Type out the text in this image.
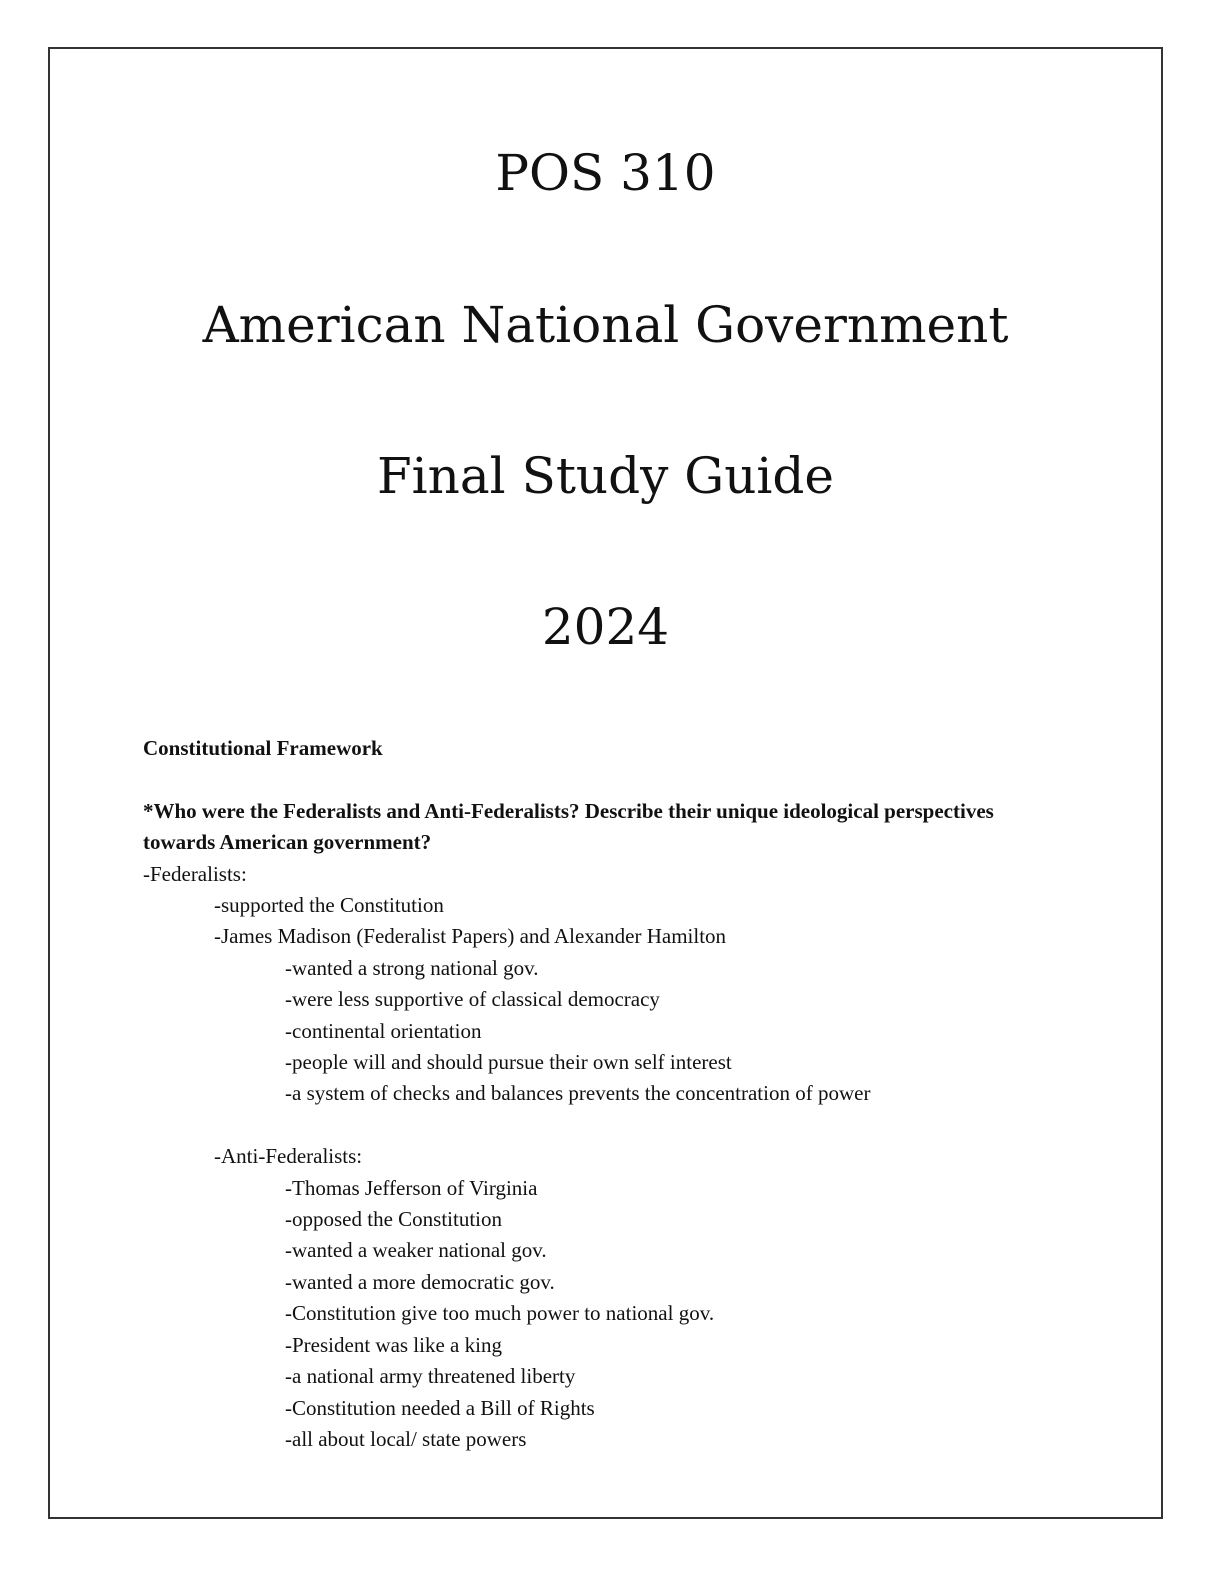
POS 310
American National Government
Final Study Guide
2024
Constitutional Framework
*Who were the Federalists and Anti-Federalists? Describe their unique ideological perspectives towards American government?
-Federalists:
-supported the Constitution
-James Madison (Federalist Papers) and Alexander Hamilton
-wanted a strong national gov.
-were less supportive of classical democracy
-continental orientation
-people will and should pursue their own self interest
-a system of checks and balances prevents the concentration of power
-Anti-Federalists:
-Thomas Jefferson of Virginia
-opposed the Constitution
-wanted a weaker national gov.
-wanted a more democratic gov.
-Constitution give too much power to national gov.
-President was like a king
-a national army threatened liberty
-Constitution needed a Bill of Rights
-all about local/ state powers
